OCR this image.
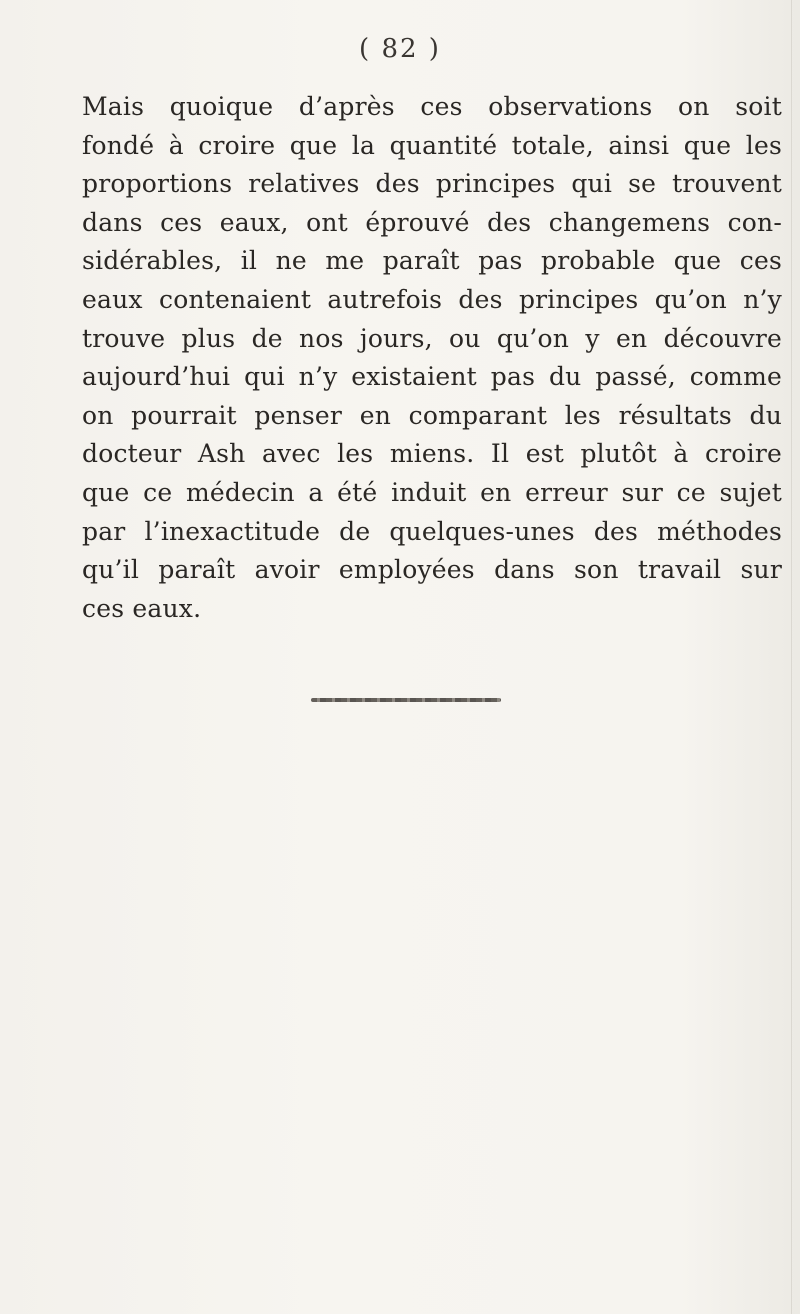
( 82 )
Mais quoique d’après ces observations on soit
fondé à croire que la quantité totale, ainsi que les
proportions relatives des principes qui se trouvent
dans ces eaux, ont éprouvé des changemens con-
sidérables, il ne me paraît pas probable que ces
eaux contenaient autrefois des principes qu’on n’y
trouve plus de nos jours, ou qu’on y en découvre
aujourd’hui qui n’y existaient pas du passé, comme
on pourrait penser en comparant les résultats du
docteur Ash avec les miens. Il est plutôt à croire
que ce médecin a été induit en erreur sur ce sujet
par l’inexactitude de quelques-unes des méthodes
qu’il paraît avoir employées dans son travail sur
ces eaux.
